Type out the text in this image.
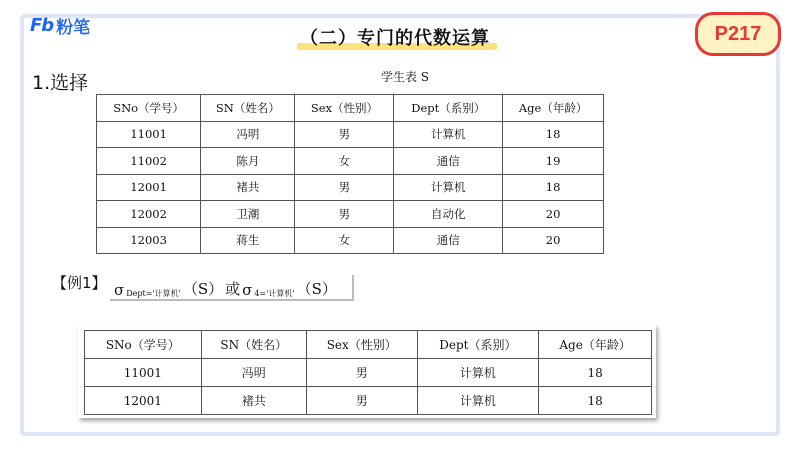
Fb 粉笔
（二）专门的代数运算	P217
1.选择	学生表 S
SNo（学号）	SN（姓名）	Sex（性别）	Dept（系别）	Age（年龄）
11001	冯明	男	计算机	18
11002	陈月	女	通信	19
12001	褚共	男	计算机	18
12002	卫潮	男	自动化	20
12003	蒋生	女	通信	20
【例1】 σ $_{Dept='计算机'}$ （S） 或 σ $_{4='计算机'}$ （S）
SNo（学号）	SN（姓名）	Sex（性别）	Dept（系别）	Age（年龄）
11001	冯明	男	计算机	18
12001	褚共	男	计算机	18
